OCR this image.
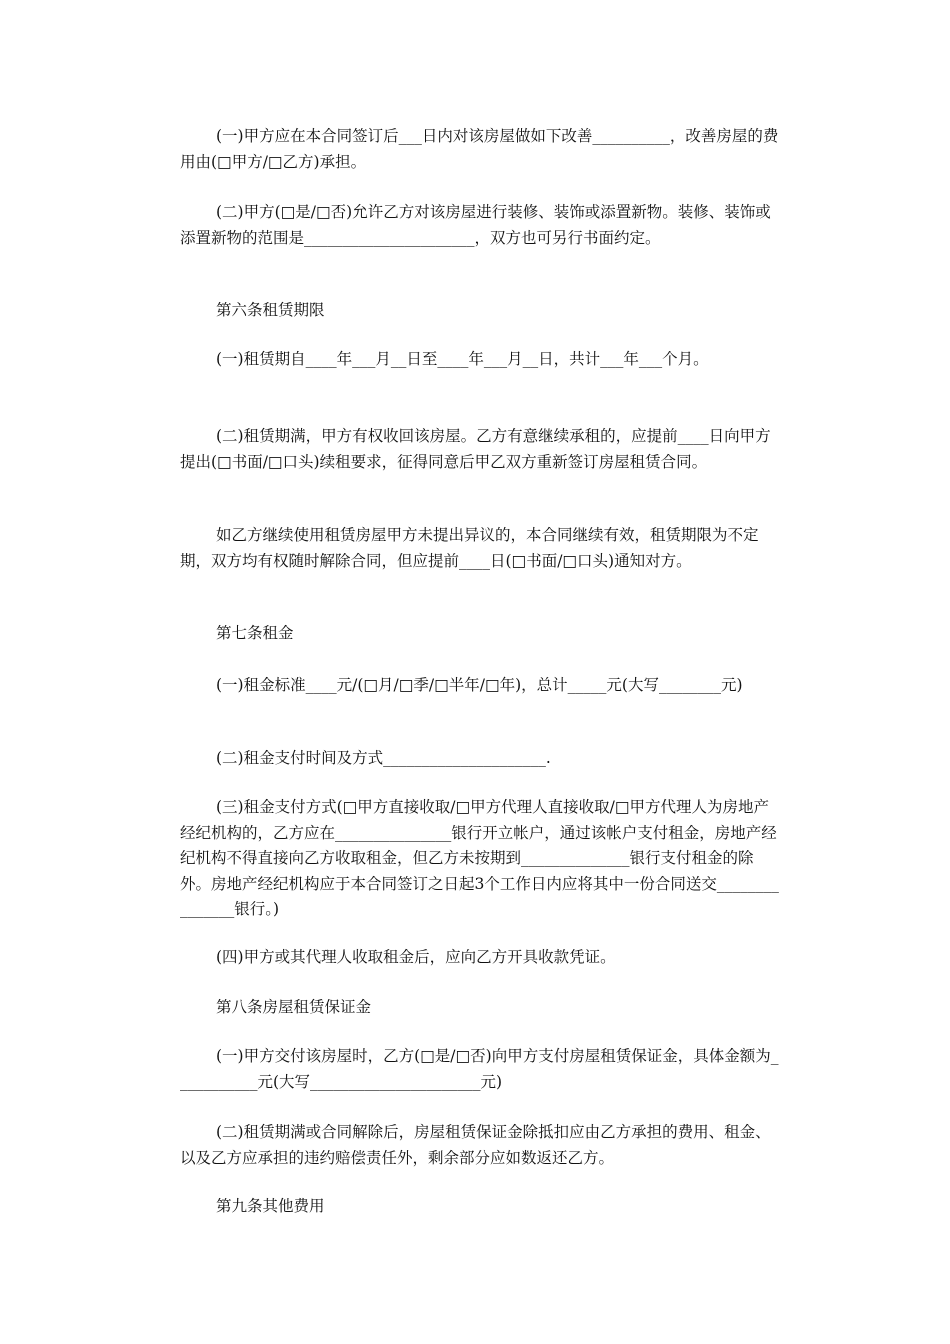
(一)甲方应在本合同签订后___日内对该房屋做如下改善__________，改善房屋的费用由(□甲方/□乙方)承担。

(二)甲方(□是/□否)允许乙方对该房屋进行装修、装饰或添置新物。装修、装饰或添置新物的范围是______________________，双方也可另行书面约定。

第六条租赁期限

(一)租赁期自____年___月__日至____年___月__日，共计___年___个月。

(二)租赁期满，甲方有权收回该房屋。乙方有意继续承租的，应提前____日向甲方提出(□书面/□口头)续租要求，征得同意后甲乙双方重新签订房屋租赁合同。

如乙方继续使用租赁房屋甲方未提出异议的，本合同继续有效，租赁期限为不定期，双方均有权随时解除合同，但应提前____日(□书面/□口头)通知对方。

第七条租金

(一)租金标准____元/(□月/□季/□半年/□年)，总计_____元(大写________元)

(二)租金支付时间及方式_____________________.

(三)租金支付方式(□甲方直接收取/□甲方代理人直接收取/□甲方代理人为房地产经纪机构的，乙方应在_______________银行开立帐户，通过该帐户支付租金，房地产经纪机构不得直接向乙方收取租金，但乙方未按期到______________银行支付租金的除外。房地产经纪机构应于本合同签订之日起3个工作日内应将其中一份合同送交_______________银行。)

(四)甲方或其代理人收取租金后，应向乙方开具收款凭证。

第八条房屋租赁保证金

(一)甲方交付该房屋时，乙方(□是/□否)向甲方支付房屋租赁保证金，具体金额为___________元(大写______________________元)

(二)租赁期满或合同解除后，房屋租赁保证金除抵扣应由乙方承担的费用、租金、以及乙方应承担的违约赔偿责任外，剩余部分应如数返还乙方。

第九条其他费用
